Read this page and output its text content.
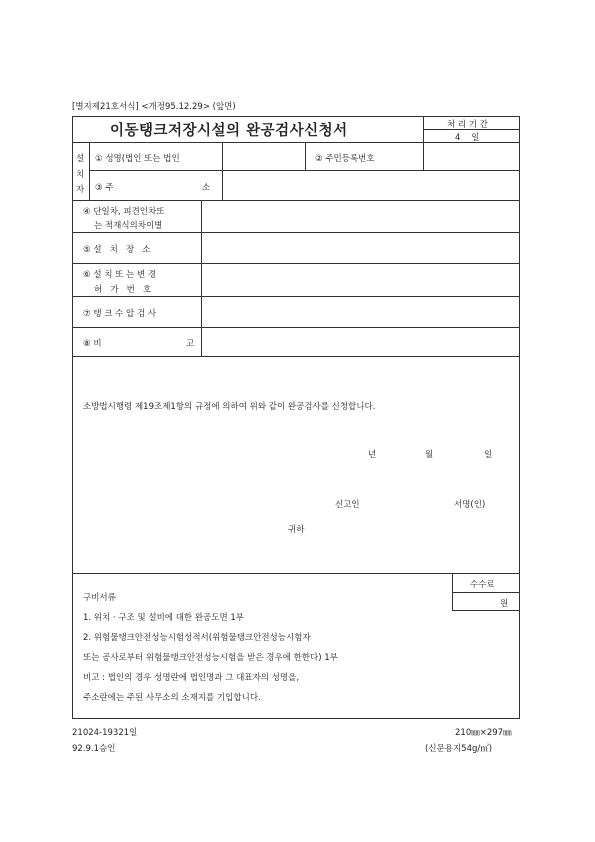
[별지제21호서식] <개정95.12.29> (앞면)
이동탱크저장시설의 완공검사신청서	처 리 기 간
4    일
설
치
자
① 성명(법인 또는 법인	② 주민등록번호
③ 주	소
④ 단일차, 피견인차또
는 적재식의차이별
⑤ 설   치   장   소
⑥ 설 치 또 는 변 경
허   가   번   호
⑦ 탱 크 수 압 검 사
⑧ 비	고
소방법시행령 제19조제1항의 규정에 의하여 위와 같이 완공검사를 신청합니다.
년	월	일
신고인	서명(인)
귀하
수수료
원
구비서류
1. 위치 · 구조 및 설비에 대한 완공도면 1부
2. 위험물탱크안전성능시험성적서(위험물탱크안전성능시험자
또는 공사로부터 위험물탱크안전성능시험을 받은 경우에 한한다) 1부
비고 : 법인의 경우 성명란에 법인명과 그 대표자의 성명을,
주소란에는 주된 사무소의 소재지를 기입합니다.
21024-19321일
92.9.1승인
210㎜×297㎜
(신문용지54g/㎡)
